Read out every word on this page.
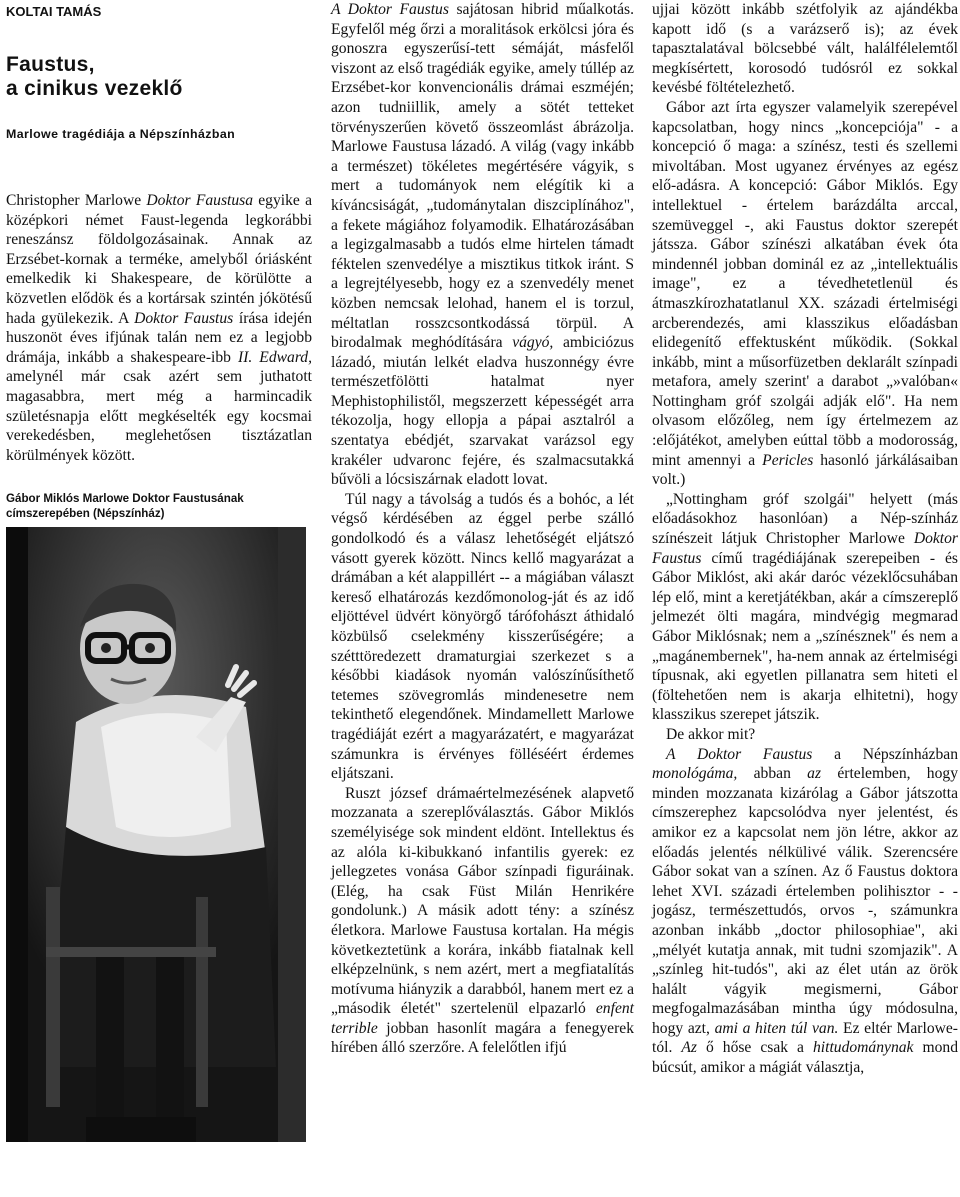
KOLTAI TAMÁS
Faustus,
a cinikus vezeklő
Marlowe tragédiája a Népszínházban
Christopher Marlowe Doktor Faustusa egyike a középkori német Faust-legenda legkorábbi reneszánsz földolgozásainak. Annak az Erzsébet-kornak a terméke, amelyből óriásként emelkedik ki Shakespeare, de körülötte a közvetlen elődök és a kortársak szintén jókötésű hada gyülekezik. A Doktor Faustus írása idején huszonöt éves ifjúnak talán nem ez a legjobb drámája, inkább a shakespeare-ibb II. Edward, amelynél már csak azért sem juthatott magasabbra, mert még a harmincadik születésnapja előtt megkéselték egy kocsmai verekedésben, meglehetősen tisztázatlan körülmények között.
Gábor Miklós Marlowe Doktor Faustusának címszerepében (Népszínház)

A Doktor Faustus sajátosan hibrid műalkotás. Egyfelől még őrzi a moralitások erkölcsi jóra és gonoszra egyszerűsí-tett sémáját, másfelől viszont az első tragédiák egyike, amely túllép az Erzsébet-kor konvencionális drámai eszméjén; azon tudniillik, amely a sötét tetteket törvényszerűen követő összeomlást ábrázolja. Marlowe Faustusa lázadó. A világ (vagy inkább a természet) tökéletes megértésére vágyik, s mert a tudományok nem elégítik ki a kíváncsiságát, „tudománytalan diszciplínához", a fekete mágiához folyamodik. Elhatározásában a legizgalmasabb a tudós elme hirtelen támadt féktelen szenvedélye a misztikus titkok iránt. S a legrejtélyesebb, hogy ez a szenvedély menet közben nemcsak lelohad, hanem el is torzul, méltatlan rosszcsontkodássá törpül. A birodalmak meghódítására vágyó, ambiciózus lázadó, miután lelkét eladva huszonnégy évre természetfölötti hatalmat nyer Mephistophilistől, megszerzett képességét arra tékozolja, hogy ellopja a pápai asztalról a szentatya ebédjét, szarvakat varázsol egy krakéler udvaronc fejére, és szalmacsutakká bűvöli a lócsiszárnak eladott lovat.

Túl nagy a távolság a tudós és a bohóc, a lét végső kérdésében az éggel perbe szálló gondolkodó és a válasz lehetőségét eljátszó vásott gyerek között. Nincs kellő magyarázat a drámában a két alappillért -- a mágiában választ kereső elhatározás kezdőmonolog-ját és az idő eljöttével üdvért könyörgő tárófohászt áthidaló közbülső cselekmény kisszerűségére; a szétttöredezett dramaturgiai szerkezet s a későbbi kiadások nyomán valószínűsíthető tetemes szövegromlás mindenesetre nem tekinthető elegendőnek. Mindamellett Marlowe tragédiáját ezért a magyarázatért, e magyarázat számunkra is érvényes fölléséért érdemes eljátszani.

Ruszt józsef drámaértelmezésének alapvető mozzanata a szereplőválasztás. Gábor Miklós személyisége sok mindent eldönt. Intellektus és az alóla ki-kibukkanó infantilis gyerek: ez jellegzetes vonása Gábor színpadi figuráinak. (Elég, ha csak Füst Milán Henrikére gondolunk.) A másik adott tény: a színész életkora. Marlowe Faustusa kortalan. Ha mégis következtetünk a korára, inkább fiatalnak kell elképzelnünk, s nem azért, mert a megfiatalítás motívuma hiányzik a darabból, hanem mert ez a „második életét" szertelenül elpazarló enfent terrible jobban hasonlít magára a fenegyerek hírében álló szerzőre. A felelőtlen ifjú

ujjai között inkább szétfolyik az ajándékba kapott idő (s a varázserő is); az évek tapasztalatával bölcsebbé vált, halálfélelemtől megkísértett, korosodó tudósról ez sokkal kevésbé föltételezhető.

Gábor azt írta egyszer valamelyik szerepével kapcsolatban, hogy nincs „koncepciója" - a koncepció ő maga: a színész, testi és szellemi mivoltában. Most ugyanez érvényes az egész elő-adásra. A koncepció: Gábor Miklós. Egy intellektuel - értelem barázdálta arccal, szemüveggel -, aki Faustus doktor szerepét játssza. Gábor színészi alkatában évek óta mindennél jobban dominál ez az „intellektuális image", ez a tévedhetetlenül és átmaszkírozhatatlanul XX. századi értelmiségi arcberendezés, ami klasszikus előadásban elidegenítő effektusként működik. (Sokkal inkább, mint a műsorfüzetben deklarált színpadi metafora, amely szerint' a darabot „»valóban« Nottingham gróf szolgái adják elő". Ha nem olvasom előzőleg, nem így értelmezem az :előjátékot, amelyben eúttal több a modorosság, mint amennyi a Pericles hasonló járkálásaiban volt.)

„Nottingham gróf szolgái" helyett (más előadásokhoz hasonlóan) a Nép-színház színészeit látjuk Christopher Marlowe Doktor Faustus című tragédiájának szerepeiben - és Gábor Miklóst, aki akár daróc vézeklőcsuhában lép elő, mint a keretjátékban, akár a címszereplő jelmezét ölti magára, mindvégig megmarad Gábor Miklósnak; nem a „színésznek" és nem a „magánembernek", ha-nem annak az értelmiségi típusnak, aki egyetlen pillanatra sem hiteti el (föltehetően nem is akarja elhitetni), hogy klasszikus szerepet játszik.

De akkor mit?

A Doktor Faustus a Népszínházban monológáma, abban az értelemben, hogy minden mozzanata kizárólag a Gábor játszotta címszerephez kapcsolódva nyer jelentést, és amikor ez a kapcsolat nem jön létre, akkor az előadás jelentés nélkülivé válik. Szerencsére Gábor sokat van a színen. Az ő Faustus doktora lehet XVI. századi értelemben polihisztor - - jogász, természettudós, orvos -, számunkra azonban inkább „doctor philosophiae", aki „mélyét kutatja annak, mit tudni szomjazik". A „színleg hit-tudós", aki az élet után az örök halált vágyik megismerni, Gábor megfogalmazásában mintha úgy módosulna, hogy azt, ami a hiten túl van. Ez eltér Marlowe-tól. Az ő hőse csak a hittudománynak mond búcsút, amikor a mágiát választja,
